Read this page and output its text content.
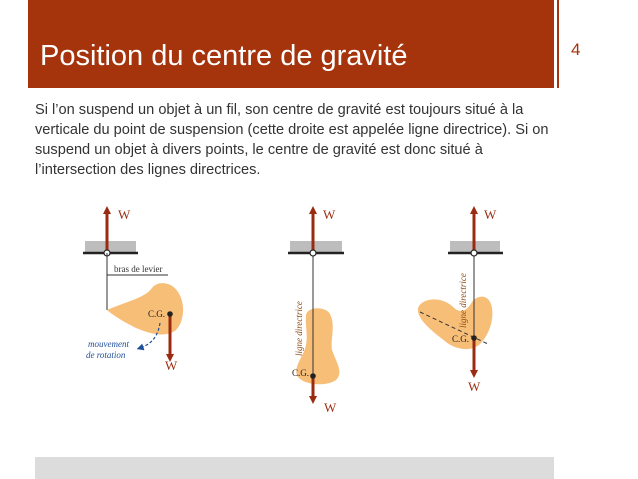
Position du centre de gravité	4
Si l’on suspend un objet à un fil, son centre de gravité est toujours situé à la verticale du point de suspension (cette droite est appelée ligne directrice). Si on suspend un objet à divers points, le centre de gravité est donc situé à l’intersection des lignes directrices.
W
bras de levier
C.G.
W
mouvement
de rotation
W
ligne directrice
C.G.
W
W
ligne directrice
C.G.
W
